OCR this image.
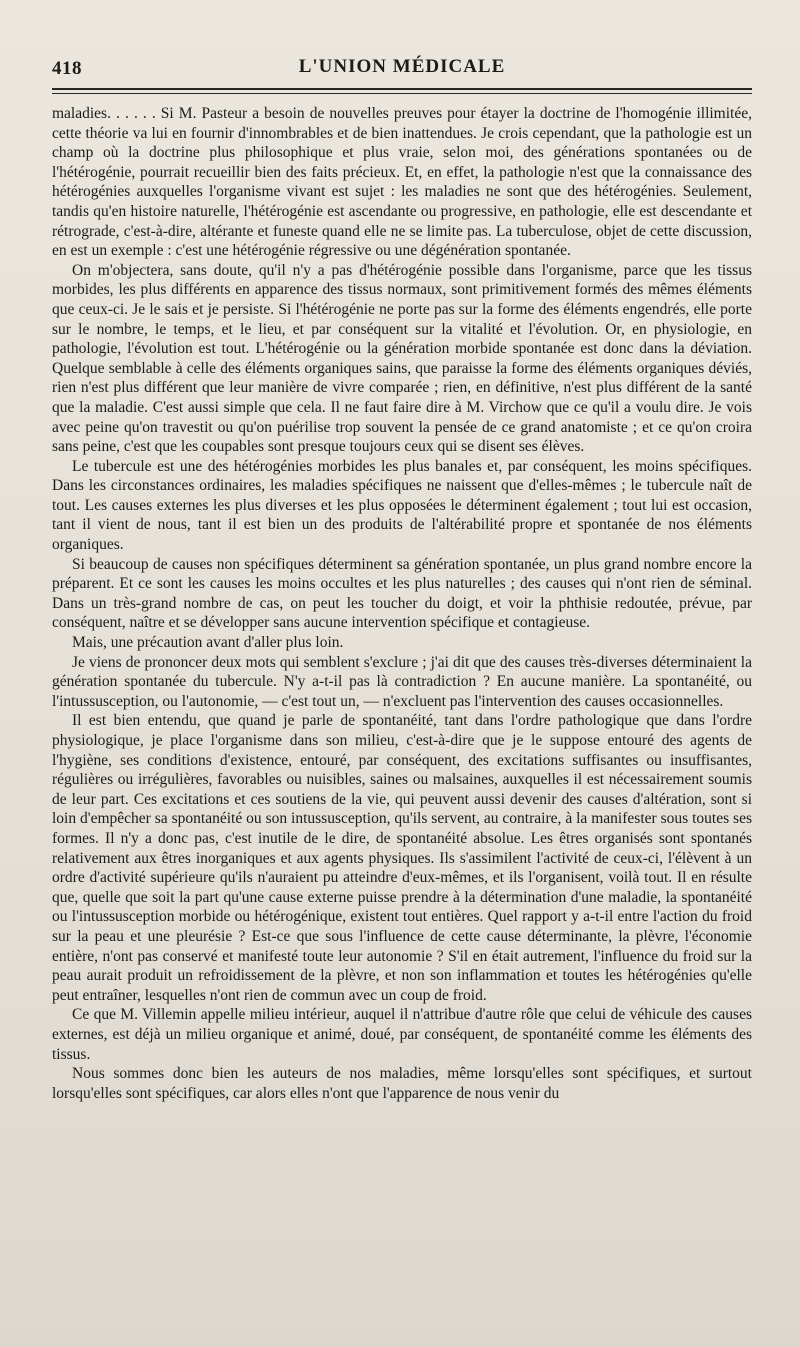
418	L'UNION MÉDICALE

maladies. . . . . . Si M. Pasteur a besoin de nouvelles preuves pour étayer la doctrine de l'homogénie illimitée, cette théorie va lui en fournir d'innombrables et de bien inattendues. Je crois cependant, que la pathologie est un champ où la doctrine plus philosophique et plus vraie, selon moi, des générations spontanées ou de l'hétérogénie, pourrait recueillir bien des faits précieux. Et, en effet, la pathologie n'est que la connaissance des hétérogénies auxquelles l'organisme vivant est sujet : les maladies ne sont que des hétérogénies. Seulement, tandis qu'en histoire naturelle, l'hétérogénie est ascendante ou progressive, en pathologie, elle est descendante et rétrograde, c'est-à-dire, altérante et funeste quand elle ne se limite pas. La tuberculose, objet de cette discussion, en est un exemple : c'est une hétérogénie régressive ou une dégénération spontanée.

On m'objectera, sans doute, qu'il n'y a pas d'hétérogénie possible dans l'organisme, parce que les tissus morbides, les plus différents en apparence des tissus normaux, sont primitivement formés des mêmes éléments que ceux-ci. Je le sais et je persiste. Si l'hétérogénie ne porte pas sur la forme des éléments engendrés, elle porte sur le nombre, le temps, et le lieu, et par conséquent sur la vitalité et l'évolution. Or, en physiologie, en pathologie, l'évolution est tout. L'hétérogénie ou la génération morbide spontanée est donc dans la déviation. Quelque semblable à celle des éléments organiques sains, que paraisse la forme des éléments organiques déviés, rien n'est plus différent que leur manière de vivre comparée ; rien, en définitive, n'est plus différent de la santé que la maladie. C'est aussi simple que cela. Il ne faut faire dire à M. Virchow que ce qu'il a voulu dire. Je vois avec peine qu'on travestit ou qu'on puérilise trop souvent la pensée de ce grand anatomiste ; et ce qu'on croira sans peine, c'est que les coupables sont presque toujours ceux qui se disent ses élèves.

Le tubercule est une des hétérogénies morbides les plus banales et, par conséquent, les moins spécifiques. Dans les circonstances ordinaires, les maladies spécifiques ne naissent que d'elles-mêmes ; le tubercule naît de tout. Les causes externes les plus diverses et les plus opposées le déterminent également ; tout lui est occasion, tant il vient de nous, tant il est bien un des produits de l'altérabilité propre et spontanée de nos éléments organiques.

Si beaucoup de causes non spécifiques déterminent sa génération spontanée, un plus grand nombre encore la préparent. Et ce sont les causes les moins occultes et les plus naturelles ; des causes qui n'ont rien de séminal. Dans un très-grand nombre de cas, on peut les toucher du doigt, et voir la phthisie redoutée, prévue, par conséquent, naître et se développer sans aucune intervention spécifique et contagieuse.

Mais, une précaution avant d'aller plus loin.

Je viens de prononcer deux mots qui semblent s'exclure ; j'ai dit que des causes très-diverses déterminaient la génération spontanée du tubercule. N'y a-t-il pas là contradiction ? En aucune manière. La spontanéité, ou l'intussusception, ou l'autonomie, — c'est tout un, — n'excluent pas l'intervention des causes occasionnelles.

Il est bien entendu, que quand je parle de spontanéité, tant dans l'ordre pathologique que dans l'ordre physiologique, je place l'organisme dans son milieu, c'est-à-dire que je le suppose entouré des agents de l'hygiène, ses conditions d'existence, entouré, par conséquent, des excitations suffisantes ou insuffisantes, régulières ou irrégulières, favorables ou nuisibles, saines ou malsaines, auxquelles il est nécessairement soumis de leur part. Ces excitations et ces soutiens de la vie, qui peuvent aussi devenir des causes d'altération, sont si loin d'empêcher sa spontanéité ou son intussusception, qu'ils servent, au contraire, à la manifester sous toutes ses formes. Il n'y a donc pas, c'est inutile de le dire, de spontanéité absolue. Les êtres organisés sont spontanés relativement aux êtres inorganiques et aux agents physiques. Ils s'assimilent l'activité de ceux-ci, l'élèvent à un ordre d'activité supérieure qu'ils n'auraient pu atteindre d'eux-mêmes, et ils l'organisent, voilà tout. Il en résulte que, quelle que soit la part qu'une cause externe puisse prendre à la détermination d'une maladie, la spontanéité ou l'intussusception morbide ou hétérogénique, existent tout entières. Quel rapport y a-t-il entre l'action du froid sur la peau et une pleurésie ? Est-ce que sous l'influence de cette cause déterminante, la plèvre, l'économie entière, n'ont pas conservé et manifesté toute leur autonomie ? S'il en était autrement, l'influence du froid sur la peau aurait produit un refroidissement de la plèvre, et non son inflammation et toutes les hétérogénies qu'elle peut entraîner, lesquelles n'ont rien de commun avec un coup de froid.

Ce que M. Villemin appelle milieu intérieur, auquel il n'attribue d'autre rôle que celui de véhicule des causes externes, est déjà un milieu organique et animé, doué, par conséquent, de spontanéité comme les éléments des tissus.

Nous sommes donc bien les auteurs de nos maladies, même lorsqu'elles sont spécifiques, et surtout lorsqu'elles sont spécifiques, car alors elles n'ont que l'apparence de nous venir du
